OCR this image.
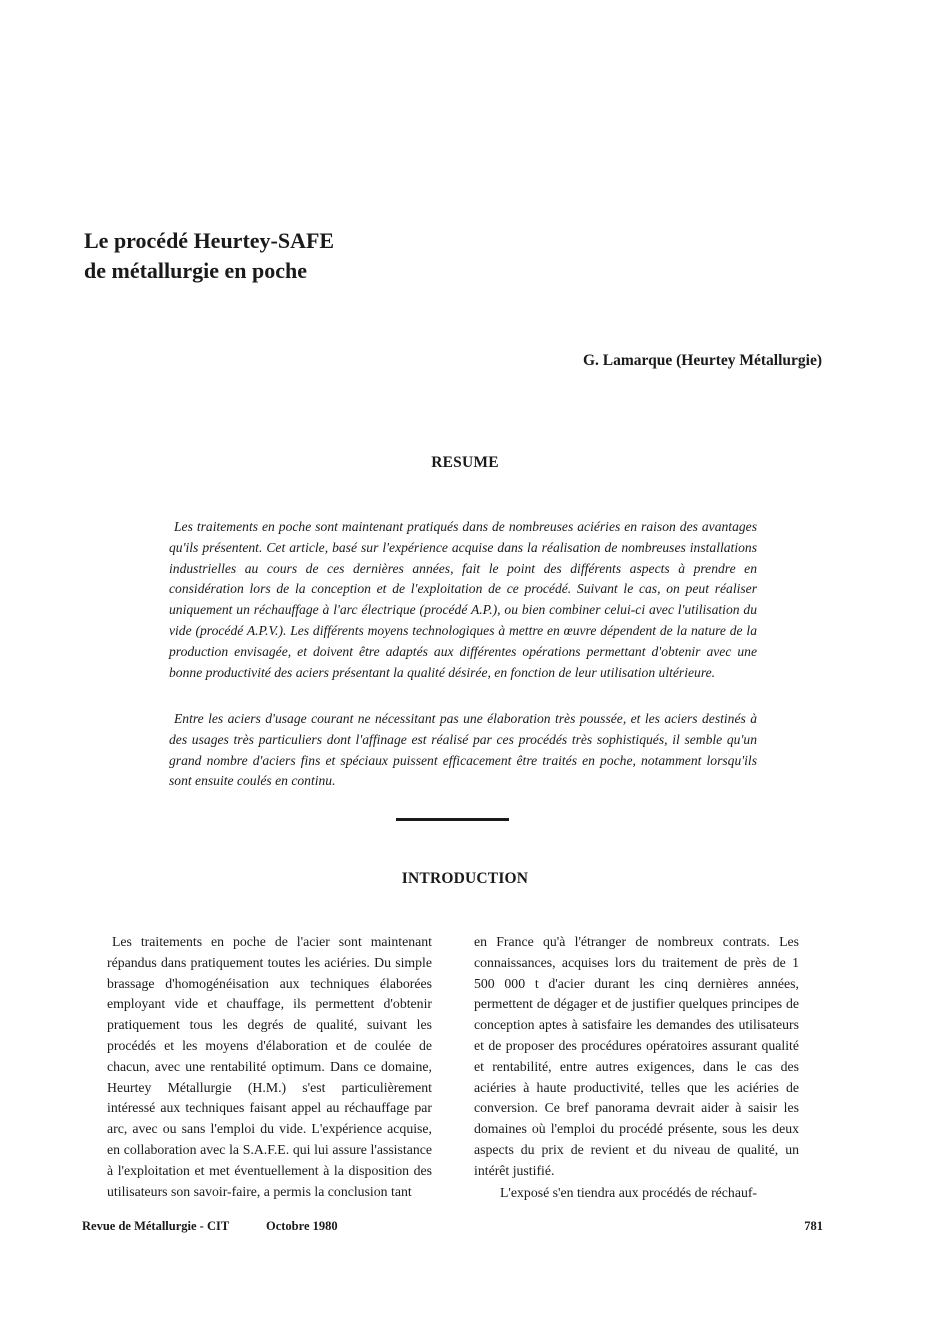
Le procédé Heurtey-SAFE
de métallurgie en poche
G. Lamarque (Heurtey Métallurgie)
RESUME

Les traitements en poche sont maintenant pratiqués dans de nombreuses aciéries en raison des avantages qu'ils présentent. Cet article, basé sur l'expérience acquise dans la réalisation de nombreuses installations industrielles au cours de ces dernières années, fait le point des différents aspects à prendre en considération lors de la conception et de l'exploitation de ce procédé. Suivant le cas, on peut réaliser uniquement un réchauffage à l'arc électrique (procédé A.P.), ou bien combiner celui-ci avec l'utilisation du vide (procédé A.P.V.). Les différents moyens technologiques à mettre en œuvre dépendent de la nature de la production envisagée, et doivent être adaptés aux différentes opérations permettant d'obtenir avec une bonne productivité des aciers présentant la qualité désirée, en fonction de leur utilisation ultérieure.

Entre les aciers d'usage courant ne nécessitant pas une élaboration très poussée, et les aciers destinés à des usages très particuliers dont l'affinage est réalisé par ces procédés très sophistiqués, il semble qu'un grand nombre d'aciers fins et spéciaux puissent efficacement être traités en poche, notamment lorsqu'ils sont ensuite coulés en continu.

INTRODUCTION

Les traitements en poche de l'acier sont maintenant répandus dans pratiquement toutes les aciéries. Du simple brassage d'homogénéisation aux techniques élaborées employant vide et chauffage, ils permettent d'obtenir pratiquement tous les degrés de qualité, suivant les procédés et les moyens d'élaboration et de coulée de chacun, avec une rentabilité optimum. Dans ce domaine, Heurtey Métallurgie (H.M.) s'est particulièrement intéressé aux techniques faisant appel au réchauffage par arc, avec ou sans l'emploi du vide. L'expérience acquise, en collaboration avec la S.A.F.E. qui lui assure l'assistance à l'exploitation et met éventuellement à la disposition des utilisateurs son savoir-faire, a permis la conclusion tant

en France qu'à l'étranger de nombreux contrats. Les connaissances, acquises lors du traitement de près de 1 500 000 t d'acier durant les cinq dernières années, permettent de dégager et de justifier quelques principes de conception aptes à satisfaire les demandes des utilisateurs et de proposer des procédures opératoires assurant qualité et rentabilité, entre autres exigences, dans le cas des aciéries à haute productivité, telles que les aciéries de conversion. Ce bref panorama devrait aider à saisir les domaines où l'emploi du procédé présente, sous les deux aspects du prix de revient et du niveau de qualité, un intérêt justifié.

L'exposé s'en tiendra aux procédés de réchauf-

Revue de Métallurgie - CIT	Octobre 1980	781
